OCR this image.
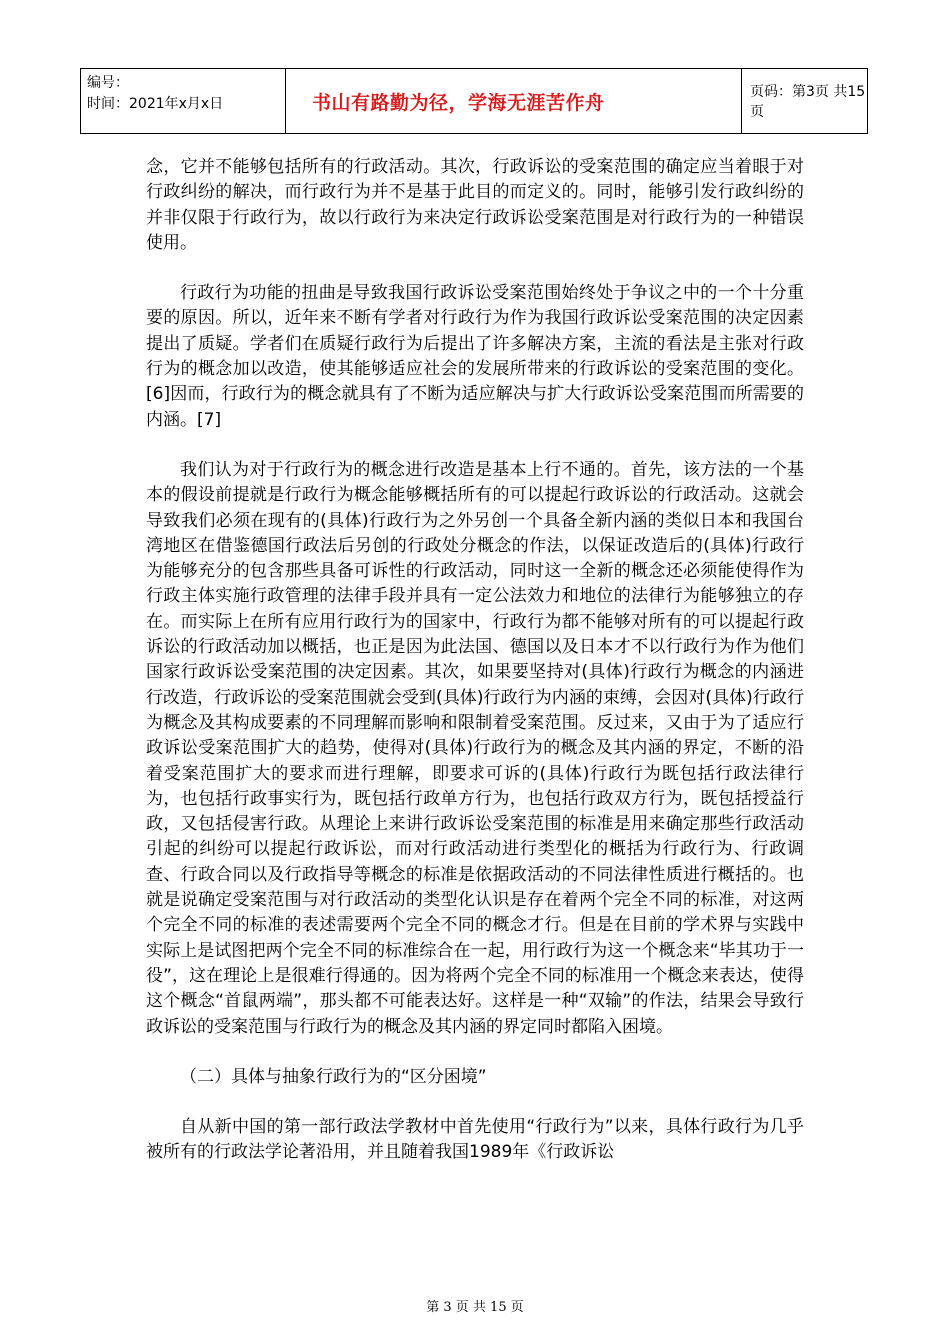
编号：
时间：2021年x月x日	书山有路勤为径，学海无涯苦作舟	页码：第3页 共15页

念，它并不能够包括所有的行政活动。其次，行政诉讼的受案范围的确定应当着眼于对行政纠纷的解决，而行政行为并不是基于此目的而定义的。同时，能够引发行政纠纷的并非仅限于行政行为，故以行政行为来决定行政诉讼受案范围是对行政行为的一种错误使用。

行政行为功能的扭曲是导致我国行政诉讼受案范围始终处于争议之中的一个十分重要的原因。所以，近年来不断有学者对行政行为作为我国行政诉讼受案范围的决定因素提出了质疑。学者们在质疑行政行为后提出了许多解决方案，主流的看法是主张对行政行为的概念加以改造，使其能够适应社会的发展所带来的行政诉讼的受案范围的变化。[6]因而，行政行为的概念就具有了不断为适应解决与扩大行政诉讼受案范围而所需要的内涵。[7]

我们认为对于行政行为的概念进行改造是基本上行不通的。首先，该方法的一个基本的假设前提就是行政行为概念能够概括所有的可以提起行政诉讼的行政活动。这就会导致我们必须在现有的(具体)行政行为之外另创一个具备全新内涵的类似日本和我国台湾地区在借鉴德国行政法后另创的行政处分概念的作法，以保证改造后的(具体)行政行为能够充分的包含那些具备可诉性的行政活动，同时这一全新的概念还必须能使得作为行政主体实施行政管理的法律手段并具有一定公法效力和地位的法律行为能够独立的存在。而实际上在所有应用行政行为的国家中，行政行为都不能够对所有的可以提起行政诉讼的行政活动加以概括，也正是因为此法国、德国以及日本才不以行政行为作为他们国家行政诉讼受案范围的决定因素。其次，如果要坚持对(具体)行政行为概念的内涵进行改造，行政诉讼的受案范围就会受到(具体)行政行为内涵的束缚，会因对(具体)行政行为概念及其构成要素的不同理解而影响和限制着受案范围。反过来，又由于为了适应行政诉讼受案范围扩大的趋势，使得对(具体)行政行为的概念及其内涵的界定，不断的沿着受案范围扩大的要求而进行理解，即要求可诉的(具体)行政行为既包括行政法律行为，也包括行政事实行为，既包括行政单方行为，也包括行政双方行为，既包括授益行政，又包括侵害行政。从理论上来讲行政诉讼受案范围的标准是用来确定那些行政活动引起的纠纷可以提起行政诉讼，而对行政活动进行类型化的概括为行政行为、行政调查、行政合同以及行政指导等概念的标准是依据政活动的不同法律性质进行概括的。也就是说确定受案范围与对行政活动的类型化认识是存在着两个完全不同的标准，对这两个完全不同的标准的表述需要两个完全不同的概念才行。但是在目前的学术界与实践中实际上是试图把两个完全不同的标准综合在一起，用行政行为这一个概念来“毕其功于一役”，这在理论上是很难行得通的。因为将两个完全不同的标准用一个概念来表达，使得这个概念“首鼠两端”，那头都不可能表达好。这样是一种“双输”的作法，结果会导致行政诉讼的受案范围与行政行为的概念及其内涵的界定同时都陷入困境。

（二）具体与抽象行政行为的“区分困境”

自从新中国的第一部行政法学教材中首先使用“行政行为”以来，具体行政行为几乎被所有的行政法学论著沿用，并且随着我国1989年《行政诉讼

第 3 页 共 15 页
